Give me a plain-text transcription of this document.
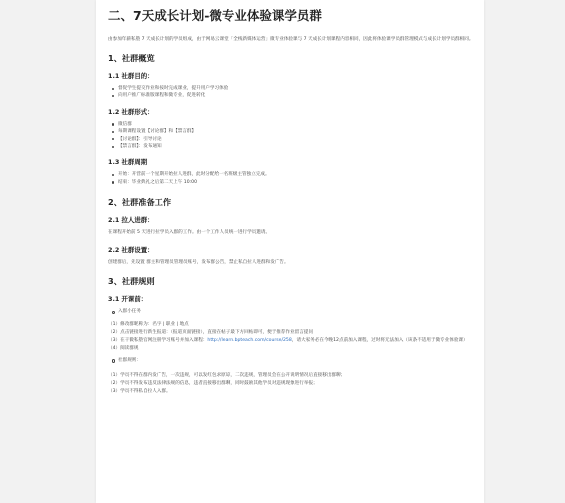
二、7天成长计划-微专业体验课学员群

由参加年薪私塾 7 天成长计划的学员组成，由于网易云课堂「全栈新媒体运营」微专业体验课与 7 天成长计划课程内容相同，因此将体验课学员群管理模式与成长计划学员群相同。

1、社群概览
1.1 社群目的：
督促学生提交作业和按时完成课业，提升用户学习体验
向用户推广标准版课程和微专业，促进转化
1.2 社群形式：
微信群
每期课程设置【讨论群】和【禁言群】
【讨论群】：引导讨论
【禁言群】：发布通知
1.3 社群周期
开始：开营前一个星期开始拉人进群，此时分配给一名班级主管独立完成。
结束：毕业典礼之后第二天上午 10:00
2、社群准备工作
2.1 拉人进群：

在课程开始前 5 天进行拉学员入群的工作。由一个工作人员统一进行学员邀请。

2.2 社群设置：

创建群后，先设置 群主和管理员管理员账号，发布群公告，禁止私自拉人进群和发广告。

3、社群规则
3.1 开课前：
入群小任务

（1）修改群昵称为：名字 | 职业 | 地点

（2）点击链接进行新生报道：（报道页面链接），直接在帖子最下方回帖即可，便于推荐作业留言提问

（3）在干微私塾官网注册学习账号并加入课程：http://learn.bpteach.com/course/258，请大家务必在今晚12点前加入课程，过时将无法加入（该条不适用于微专业体验课）

（4）阅读群规

社群规则：

（1）学员不得在群内发广告，一次违规，可以发红包求原谅，二次违规，管理员会在公开说明情况后直接移出群聊；

（2）学员不得发布违反法律法规的信息，违者直接移出群聊，同时鼓励其他学员对违规现象进行举报；

（3）学员不得私自拉人入群。
